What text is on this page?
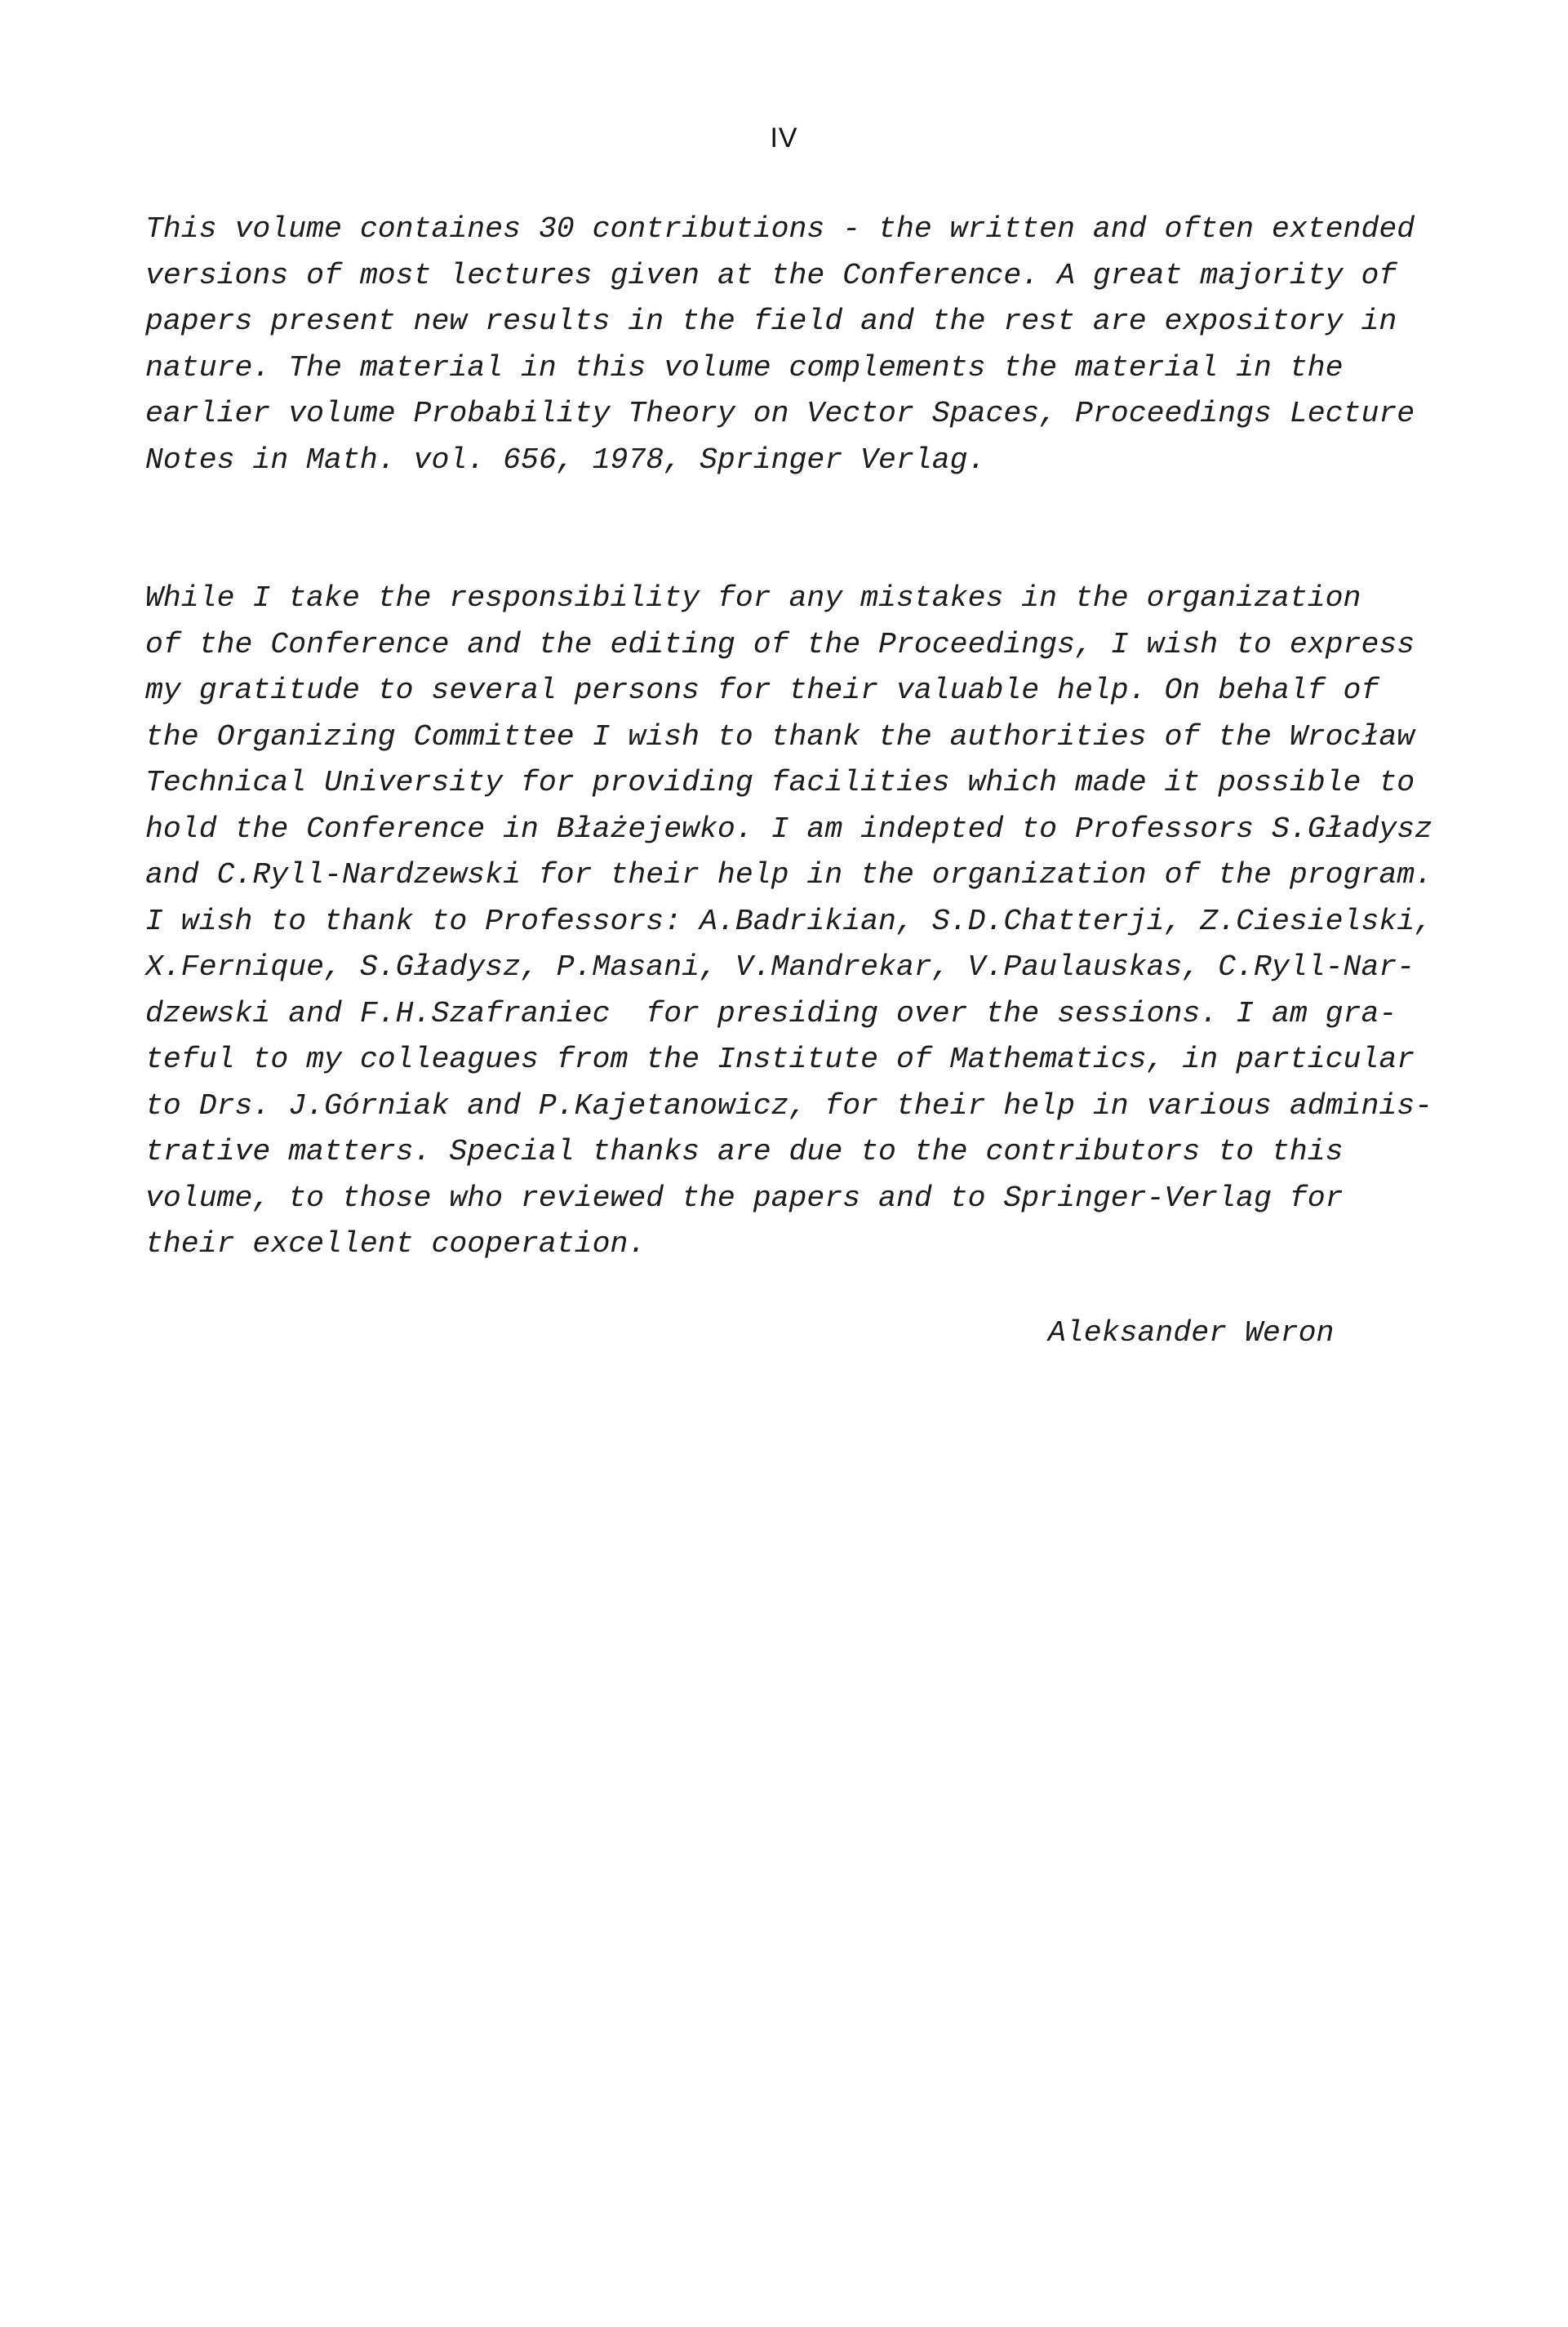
IV
This volume containes 30 contributions - the written and often extended
versions of most lectures given at the Conference. A great majority of
papers present new results in the field and the rest are expository in
nature. The material in this volume complements the material in the
earlier volume Probability Theory on Vector Spaces, Proceedings Lecture
Notes in Math. vol. 656, 1978, Springer Verlag.
While I take the responsibility for any mistakes in the organization
of the Conference and the editing of the Proceedings, I wish to express
my gratitude to several persons for their valuable help. On behalf of
the Organizing Committee I wish to thank the authorities of the Wrocław
Technical University for providing facilities which made it possible to
hold the Conference in Błażejewko. I am indepted to Professors S.Gładysz
and C.Ryll-Nardzewski for their help in the organization of the program.
I wish to thank to Professors: A.Badrikian, S.D.Chatterji, Z.Ciesielski,
X.Fernique, S.Gładysz, P.Masani, V.Mandrekar, V.Paulauskas, C.Ryll-Nar-
dzewski and F.H.Szafraniec  for presiding over the sessions. I am gra-
teful to my colleagues from the Institute of Mathematics, in particular
to Drs. J.Górniak and P.Kajetanowicz, for their help in various adminis-
trative matters. Special thanks are due to the contributors to this
volume, to those who reviewed the papers and to Springer-Verlag for
their excellent cooperation.
Aleksander Weron
